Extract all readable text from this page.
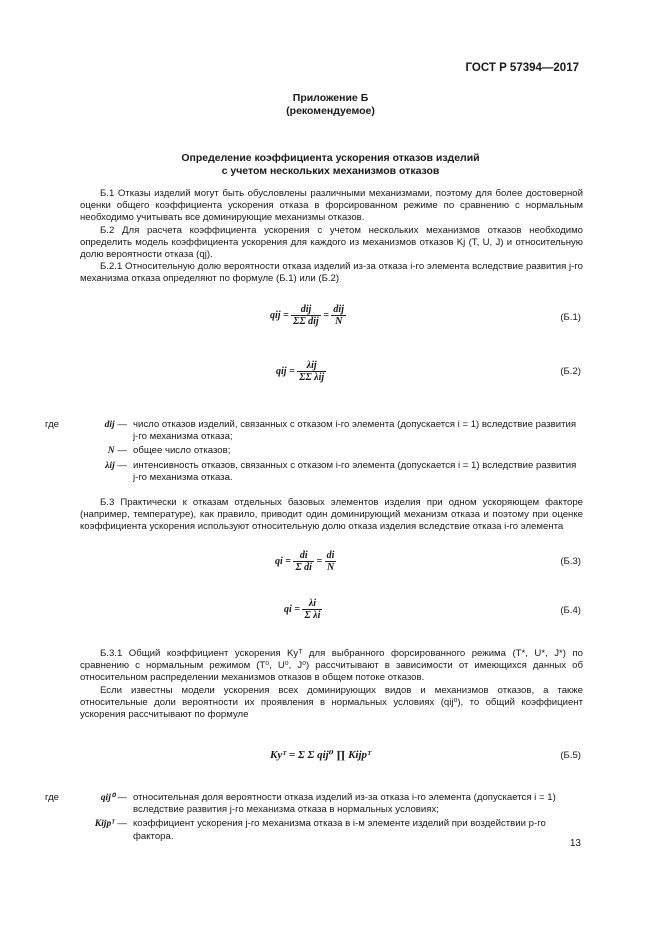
ГОСТ Р 57394—2017
Приложение Б
(рекомендуемое)
Определение коэффициента ускорения отказов изделий
с учетом нескольких механизмов отказов

Б.1 Отказы изделий могут быть обусловлены различными механизмами, поэтому для более достоверной оценки общего коэффициента ускорения отказа в форсированном режиме по сравнению с нормальным необходимо учитывать все доминирующие механизмы отказов.

Б.2 Для расчета коэффициента ускорения с учетом нескольких механизмов отказов необходимо определить модель коэффициента ускорения для каждого из механизмов отказов Kj (T, U, J) и относительную долю вероятности отказа (qj).

Б.2.1 Относительную долю вероятности отказа изделий из-за отказа i-го элемента вследствие развития j-го механизма отказа определяют по формуле (Б.1) или (Б.2)

qij = $\frac{\text{dij}}{\text{ΣΣ dij}} = \frac{\text{dij}}{N}$	(Б.1)
qij = $\frac{\text{λij}}{\text{ΣΣ λij}}$	(Б.2)
где	dij — число отказов изделий, связанных с отказом i-го элемента (допускается i = 1) вследствие развития j-го механизма отказа;
N — общее число отказов;
λij — интенсивность отказов, связанных с отказом i-го элемента (допускается i = 1) вследствие развития j-го механизма отказа.

Б.3 Практически к отказам отдельных базовых элементов изделия при одном ускоряющем факторе (например, температуре), как правило, приводит один доминирующий механизм отказа и поэтому при оценке коэффициента ускорения используют относительную долю отказа изделия вследствие отказа i-го элемента

qi = $\frac{di}{\text{Σ di}} = \frac{di}{N}$	(Б.3)
qi = $\frac{\lambda i}{\text{Σ λi}}$	(Б.4)

Б.3.1 Общий коэффициент ускорения Kyᵀ для выбранного форсированного режима (T*, U*, J*) по сравнению с нормальным режимом (T⁰, U⁰, J⁰) рассчитывают в зависимости от имеющихся данных об относительном распределении механизмов отказов в общем потоке отказов.

Если известны модели ускорения всех доминирующих видов и механизмов отказов, а также относительные доли вероятности их проявления в нормальных условиях (qij⁰), то общий коэффициент ускорения рассчитывают по формуле

Kyᵀ = Σ Σ qij⁰ ∏ Kijpᵀ	(Б.5)
где	qij⁰ — относительная доля вероятности отказа изделий из-за отказа i-го элемента (допускается i = 1) вследствие развития j-го механизма отказа в нормальных условиях;
Kijpᵀ — коэффициент ускорения j-го механизма отказа в i-м элементе изделий при воздействии p-го фактора.
13
